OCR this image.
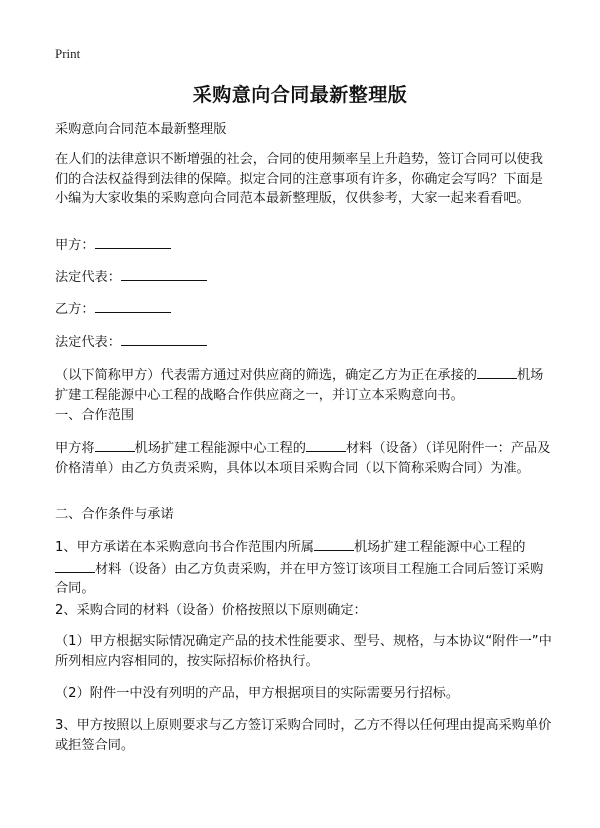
Print
采购意向合同最新整理版

采购意向合同范本最新整理版

在人们的法律意识不断增强的社会，合同的使用频率呈上升趋势，签订合同可以使我们的合法权益得到法律的保障。拟定合同的注意事项有许多，你确定会写吗？下面是小编为大家收集的采购意向合同范本最新整理版，仅供参考，大家一起来看看吧。

甲方：
法定代表：
乙方：
法定代表：

（以下简称甲方）代表需方通过对供应商的筛选，确定乙方为正在承接的	机场扩建工程能源中心工程的战略合作供应商之一，并订立本采购意向书。

一、合作范围

甲方将	机场扩建工程能源中心工程的	材料（设备）（详见附件一：产品及价格清单）由乙方负责采购，具体以本项目采购合同（以下简称采购合同）为准。

二、合作条件与承诺

1、甲方承诺在本采购意向书合作范围内所属	机场扩建工程能源中心工程的材料（设备）由乙方负责采购，并在甲方签订该项目工程施工合同后签订采购合同。

2、采购合同的材料（设备）价格按照以下原则确定：

（1）甲方根据实际情况确定产品的技术性能要求、型号、规格，与本协议“附件一”中所列相应内容相同的，按实际招标价格执行。

（2）附件一中没有列明的产品，甲方根据项目的实际需要另行招标。

3、甲方按照以上原则要求与乙方签订采购合同时，乙方不得以任何理由提高采购单价或拒签合同。
